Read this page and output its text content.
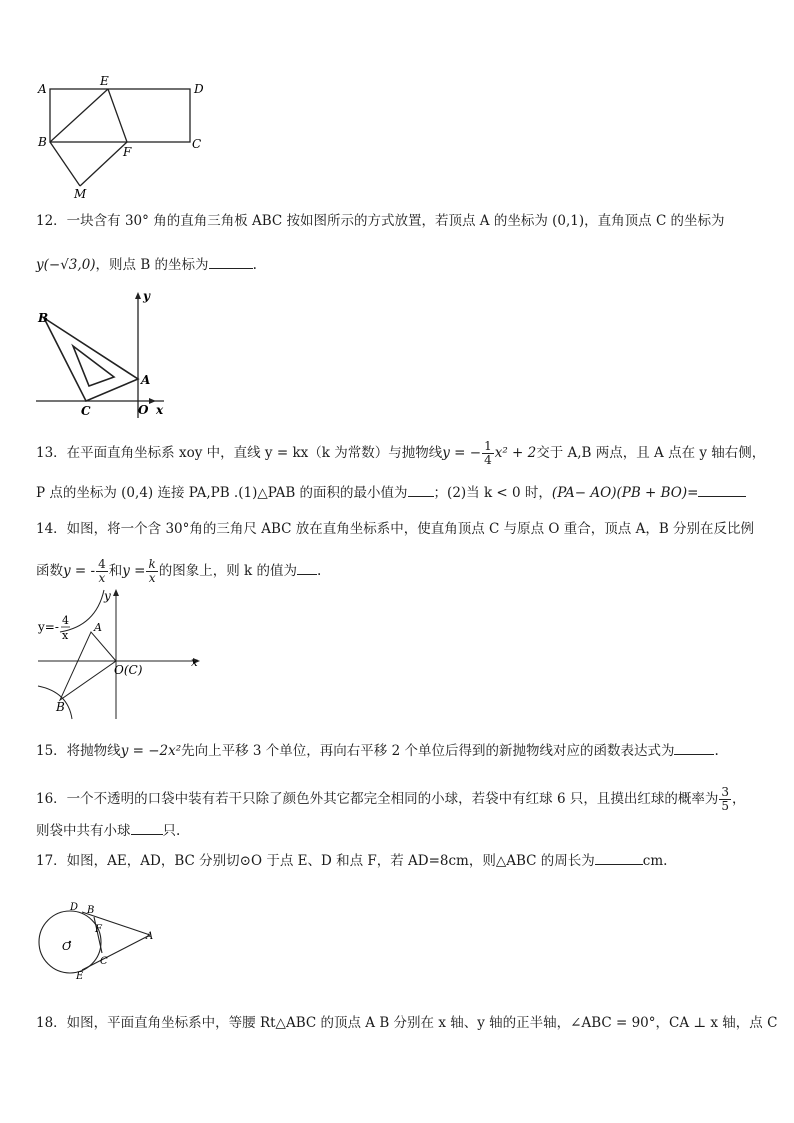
A
E
D
B
F
C
M
12．一块含有 30° 角的直角三角板 ABC 按如图所示的方式放置，若顶点 A 的坐标为 (0,1)，直角顶点 C 的坐标为
y(−√3,0)，则点 B 的坐标为	.
B
A
C	O x
y
13．在平面直角坐标系 xoy 中，直线 y = kx（k 为常数）与抛物线y = − $\frac{1}{4} x^2 + 2$交于 A,B 两点，且 A 点在 y 轴右侧，
P 点的坐标为 (0,4) 连接 PA,PB .(1)△PAB 的面积的最小值为 ；(2)当 k < 0 时，(PA− AO)(PB + BO)=
14．如图，将一个含 30°角的三角尺 ABC 放在直角坐标系中，使直角顶点 C 与原点 O 重合，顶点 A，B 分别在反比例
函数y = - $\frac{4}{x}$ 和$y = \frac{k}{x}$ 的图象上，则 k 的值为 .
y=- 4
x
A
O(C)
x
y
B
15．将抛物线y = −2x²先向上平移 3 个单位，再向右平移 2 个单位后得到的新抛物线对应的函数表达式为	.
16．一个不透明的口袋中装有若干只除了颜色外其它都完全相同的小球，若袋中有红球 6 只，且摸出红球的概率为 $\frac{3}{5}$ ，
则袋中共有小球 只.
17．如图，AE，AD，BC 分别切⊙O 于点 E、D 和点 F，若 AD=8cm，则△ABC 的周长为	cm.
D B
F
O
A
C
E
18．如图，平面直角坐标系中，等腰 Rt△ABC 的顶点 A B 分别在 x 轴、y 轴的正半轴，∠ABC = 90°，CA ⊥ x 轴，点 C
